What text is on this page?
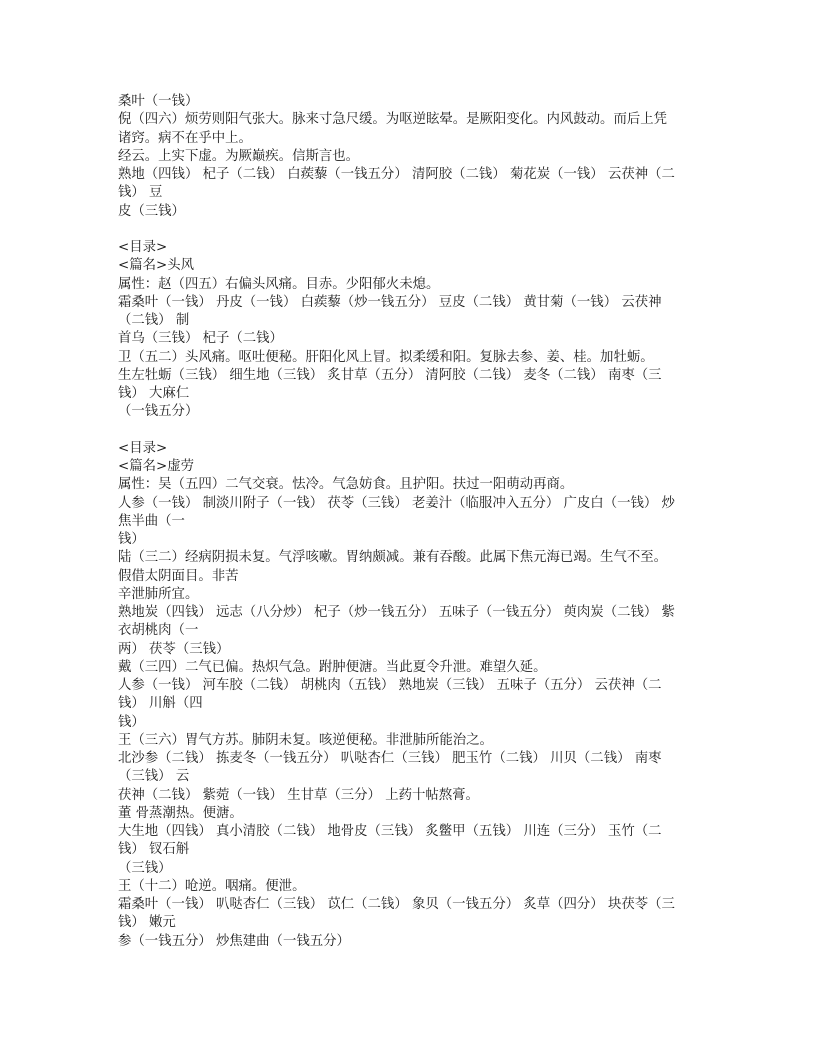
桑叶（一钱）
倪（四六）烦劳则阳气张大。脉来寸急尺缓。为呕逆眩晕。是厥阳变化。内风鼓动。而后上凭
诸窍。病不在乎中上。
经云。上实下虚。为厥巅疾。信斯言也。
熟地（四钱） 杞子（二钱） 白蒺藜（一钱五分） 清阿胶（二钱） 菊花炭（一钱） 云茯神（二
钱） 豆
皮（三钱）
<目录>
<篇名>头风
属性：赵（四五）右偏头风痛。目赤。少阳郁火未熄。
霜桑叶（一钱） 丹皮（一钱） 白蒺藜（炒一钱五分） 豆皮（二钱） 黄甘菊（一钱） 云茯神
（二钱） 制
首乌（三钱） 杞子（二钱）
卫（五二）头风痛。呕吐便秘。肝阳化风上冒。拟柔缓和阳。复脉去参、姜、桂。加牡蛎。
生左牡蛎（三钱） 细生地（三钱） 炙甘草（五分） 清阿胶（二钱） 麦冬（二钱） 南枣（三
钱） 大麻仁
（一钱五分）
<目录>
<篇名>虚劳
属性：吴（五四）二气交衰。怯冷。气急妨食。且护阳。扶过一阳萌动再商。
人参（一钱） 制淡川附子（一钱） 茯苓（三钱） 老姜汁（临服冲入五分） 广皮白（一钱） 炒
焦半曲（一
钱）
陆（三二）经病阴损未复。气浮咳嗽。胃纳颇减。兼有吞酸。此属下焦元海已竭。生气不至。
假借太阴面目。非苦
辛泄肺所宜。
熟地炭（四钱） 远志（八分炒） 杞子（炒一钱五分） 五味子（一钱五分） 萸肉炭（二钱） 紫
衣胡桃肉（一
两） 茯苓（三钱）
戴（三四）二气已偏。热炽气急。跗肿便溏。当此夏令升泄。难望久延。
人参（一钱） 河车胶（二钱） 胡桃肉（五钱） 熟地炭（三钱） 五味子（五分） 云茯神（二
钱） 川斛（四
钱）
王（三六）胃气方苏。肺阴未复。咳逆便秘。非泄肺所能治之。
北沙参（二钱） 拣麦冬（一钱五分） 叭哒杏仁（三钱） 肥玉竹（二钱） 川贝（二钱） 南枣
（三钱） 云
茯神（二钱） 紫菀（一钱） 生甘草（三分） 上药十帖熬膏。
董 骨蒸潮热。便溏。
大生地（四钱） 真小清胶（二钱） 地骨皮（三钱） 炙鳖甲（五钱） 川连（三分） 玉竹（二
钱） 钗石斛
（三钱）
王（十二）呛逆。咽痛。便泄。
霜桑叶（一钱） 叭哒杏仁（三钱） 苡仁（二钱） 象贝（一钱五分） 炙草（四分） 块茯苓（三
钱） 嫩元
参（一钱五分） 炒焦建曲（一钱五分）
